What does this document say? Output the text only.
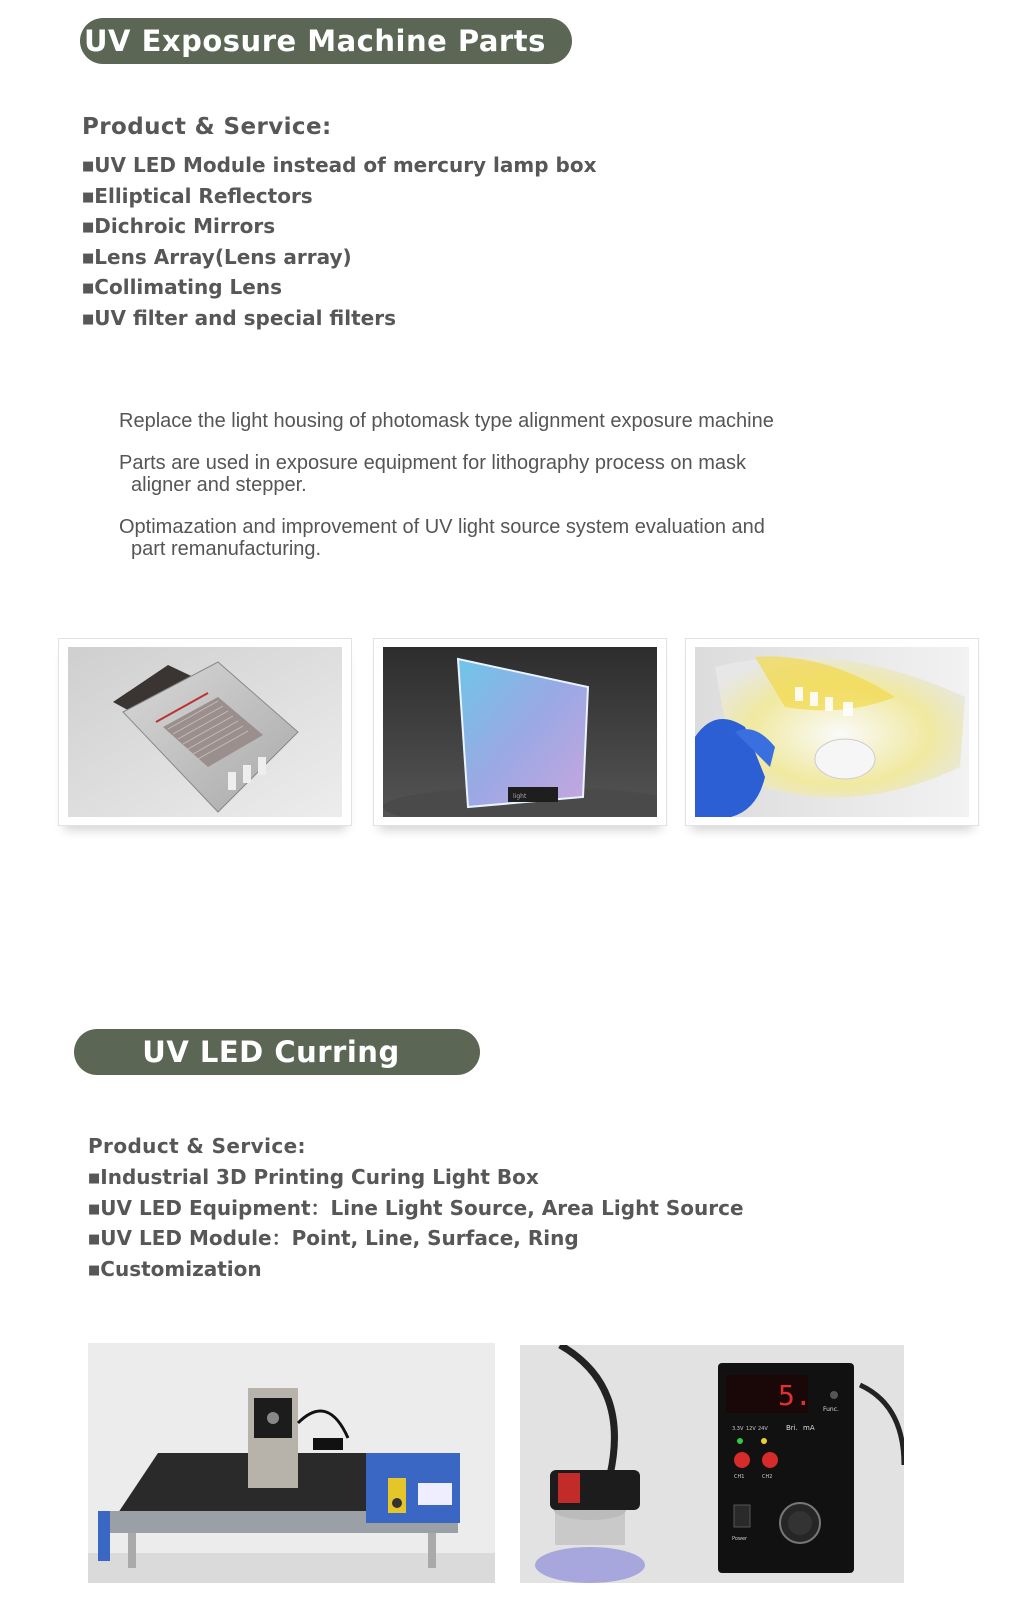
UV Exposure Machine Parts
Product & Service:
■UV LED Module instead of mercury lamp box
■Elliptical Reflectors
■Dichroic Mirrors
■Lens Array(Lens array)
■Collimating Lens
■UV filter and special filters

Replace the light housing of photomask type alignment exposure machine

Parts are used in exposure equipment for lithography process on mask
aligner and stepper.

Optimazation and improvement of UV light source system evaluation and
part remanufacturing.

light
UV LED Curring
Product & Service:
■Industrial 3D Printing Curing Light Box
■UV LED Equipment：Line Light Source, Area Light Source
■UV LED Module：Point, Line, Surface, Ring
■Customization
5. Func.
3.3V 12V 24V	Bri. mA
CH1	CH2
Power
